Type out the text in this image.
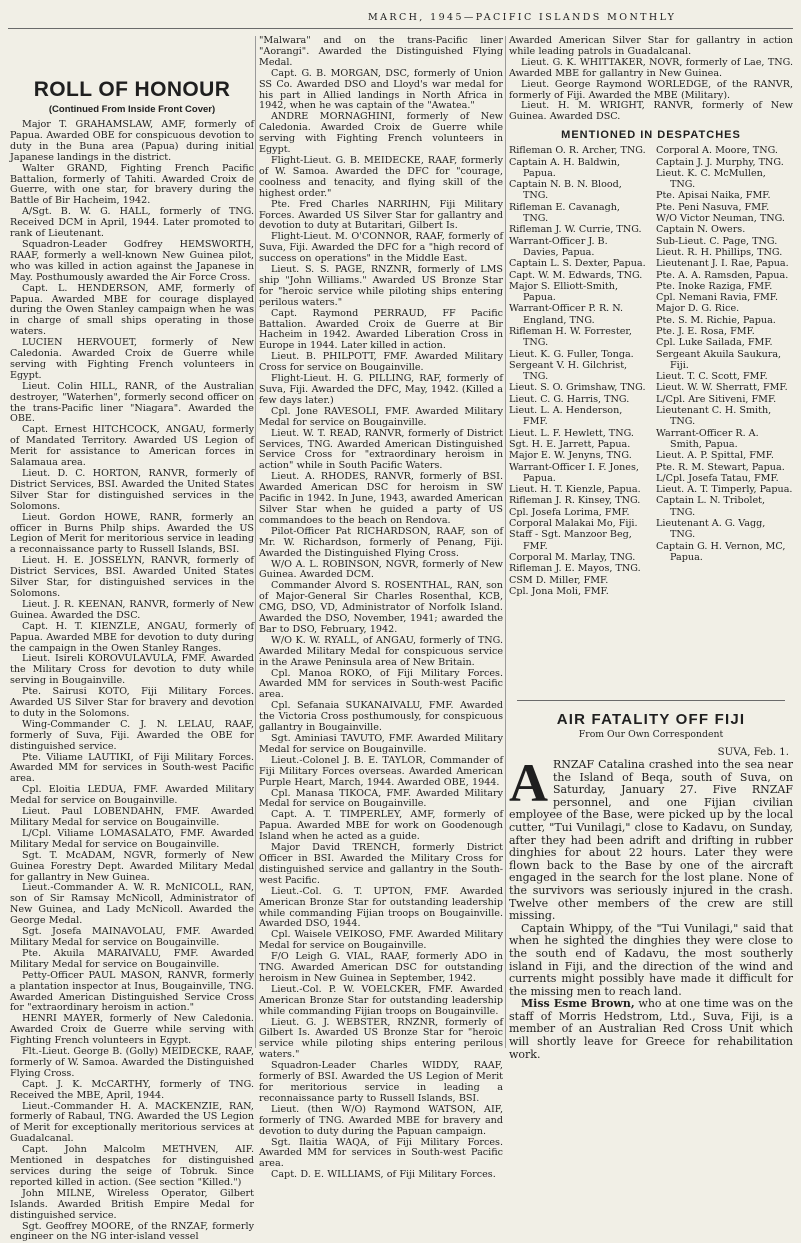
MARCH, 1945—PACIFIC ISLANDS MONTHLY
ROLL OF HONOUR
(Continued From Inside Front Cover)

Major T. GRAHAMSLAW, AMF, formerly of Papua. Awarded OBE for conspicuous devotion to duty in the Buna area (Papua) during initial Japanese landings in the district.

Walter GRAND, Fighting French Pacific Battalion, formerly of Tahiti. Awarded Croix de Guerre, with one star, for bravery during the Battle of Bir Hacheim, 1942.

A/Sgt. B. W. G. HALL, formerly of TNG. Received DCM in April, 1944. Later promoted to rank of Lieutenant.

Squadron-Leader Godfrey HEMSWORTH, RAAF, formerly a well-known New Guinea pilot, who was killed in action against the Japanese in May. Posthumously awarded the Air Force Cross.

Capt. L. HENDERSON, AMF, formerly of Papua. Awarded MBE for courage displayed during the Owen Stanley campaign when he was in charge of small ships operating in those waters.

LUCIEN HERVOUET, formerly of New Caledonia. Awarded Croix de Guerre while serving with Fighting French volunteers in Egypt.

Lieut. Colin HILL, RANR, of the Australian destroyer, "Waterhen", formerly second officer on the trans-Pacific liner "Niagara". Awarded the OBE.

Capt. Ernest HITCHCOCK, ANGAU, formerly of Mandated Territory. Awarded US Legion of Merit for assistance to American forces in Salamaua area.

Lieut. D. C. HORTON, RANVR, formerly of District Services, BSI. Awarded the United States Silver Star for distinguished services in the Solomons.

Lieut. Gordon HOWE, RANR, formerly an officer in Burns Philp ships. Awarded the US Legion of Merit for meritorious service in leading a reconnaissance party to Russell Islands, BSI.

Lieut. H. E. JOSSELYN, RANVR, formerly of District Services, BSI. Awarded United States Silver Star, for distinguished services in the Solomons.

Lieut. J. R. KEENAN, RANVR, formerly of New Guinea. Awarded the DSC.

Capt. H. T. KIENZLE, ANGAU, formerly of Papua. Awarded MBE for devotion to duty during the campaign in the Owen Stanley Ranges.

Lieut. Isireli KOROVULAVULA, FMF. Awarded the Military Cross for devotion to duty while serving in Bougainville.

Pte. Sairusi KOTO, Fiji Military Forces. Awarded US Silver Star for bravery and devotion to duty in the Solomons.

Wing-Commander C. J. N. LELAU, RAAF, formerly of Suva, Fiji. Awarded the OBE for distinguished service.

Pte. Viliame LAUTIKI, of Fiji Military Forces. Awarded MM for services in South-west Pacific area.

Cpl. Eloitia LEDUA, FMF. Awarded Military Medal for service on Bougainville.

Lieut. Paul LOBENDAHN, FMF. Awarded Military Medal for service on Bougainville.

L/Cpl. Viliame LOMASALATO, FMF. Awarded Military Medal for service on Bougainville.

Sgt. T. McADAM, NGVR, formerly of New Guinea Forestry Dept. Awarded Military Medal for gallantry in New Guinea.

Lieut.-Commander A. W. R. McNICOLL, RAN, son of Sir Ramsay McNicoll, Administrator of New Guinea, and Lady McNicoll. Awarded the George Medal.

Sgt. Josefa MAINAVOLAU, FMF. Awarded Military Medal for service on Bougainville.

Pte. Akuila MARAIVALU, FMF. Awarded Military Medal for service on Bougainville.

Petty-Officer PAUL MASON, RANVR, formerly a plantation inspector at Inus, Bougainville, TNG. Awarded American Distinguished Service Cross for "extraordinary heroism in action."

HENRI MAYER, formerly of New Caledonia. Awarded Croix de Guerre while serving with Fighting French volunteers in Egypt.

Flt.-Lieut. George B. (Golly) MEIDECKE, RAAF, formerly of W. Samoa. Awarded the Distinguished Flying Cross.

Capt. J. K. McCARTHY, formerly of TNG. Received the MBE, April, 1944.

Lieut.-Commander H. A. MACKENZIE, RAN, formerly of Rabaul, TNG. Awarded the US Legion of Merit for exceptionally meritorious services at Guadalcanal.

Capt. John Malcolm METHVEN, AIF. Mentioned in despatches for distinguished services during the seige of Tobruk. Since reported killed in action. (See section "Killed.")

John MILNE, Wireless Operator, Gilbert Islands. Awarded British Empire Medal for distinguished service.

Sgt. Geoffrey MOORE, of the RNZAF, formerly engineer on the NG inter-island vessel

"Malwara" and on the trans-Pacific liner "Aorangi". Awarded the Distinguished Flying Medal.

Capt. G. B. MORGAN, DSC, formerly of Union SS Co. Awarded DSO and Lloyd's war medal for his part in Allied landings in North Africa in 1942, when he was captain of the "Awatea."

ANDRE MORNAGHINI, formerly of New Caledonia. Awarded Croix de Guerre while serving with Fighting French volunteers in Egypt.

Flight-Lieut. G. B. MEIDECKE, RAAF, formerly of W. Samoa. Awarded the DFC for "courage, coolness and tenacity, and flying skill of the highest order."

Pte. Fred Charles NARRIHN, Fiji Military Forces. Awarded US Silver Star for gallantry and devotion to duty at Butaritari, Gilbert Is.

Flight-Lieut. M. O'CONNOR, RAAF, formerly of Suva, Fiji. Awarded the DFC for a "high record of success on operations" in the Middle East.

Lieut. S. S. PAGE, RNZNR, formerly of LMS ship "John Williams." Awarded US Bronze Star for "heroic service while piloting ships entering perilous waters."

Capt. Raymond PERRAUD, FF Pacific Battalion. Awarded Croix de Guerre at Bir Hacheim in 1942. Awarded Liberation Cross in Europe in 1944. Later killed in action.

Lieut. B. PHILPOTT, FMF. Awarded Military Cross for service on Bougainville.

Flight-Lieut. H. G. PILLING, RAF, formerly of Suva, Fiji. Awarded the DFC, May, 1942. (Killed a few days later.)

Cpl. Jone RAVESOLI, FMF. Awarded Military Medal for service on Bougainville.

Lieut. W. T. READ, RANVR, formerly of District Services, TNG. Awarded American Distinguished Service Cross for "extraordinary heroism in action" while in South Pacific Waters.

Lieut. A. RHODES, RANVR, formerly of BSI. Awarded American DSC for heroism in SW Pacific in 1942. In June, 1943, awarded American Silver Star when he guided a party of US commandoes to the beach on Rendova.

Pilot-Officer Pat RICHARDSON, RAAF, son of Mr. W. Richardson, formerly of Penang, Fiji. Awarded the Distinguished Flying Cross.

W/O A. L. ROBINSON, NGVR, formerly of New Guinea. Awarded DCM.

Commander Alvord S. ROSENTHAL, RAN, son of Major-General Sir Charles Rosenthal, KCB, CMG, DSO, VD, Administrator of Norfolk Island. Awarded the DSO, November, 1941; awarded the Bar to DSO, February, 1942.

W/O K. W. RYALL, of ANGAU, formerly of TNG. Awarded Military Medal for conspicuous service in the Arawe Peninsula area of New Britain.

Cpl. Manoa ROKO, of Fiji Military Forces. Awarded MM for services in South-west Pacific area.

Cpl. Sefanaia SUKANAIVALU, FMF. Awarded the Victoria Cross posthumously, for conspicuous gallantry in Bougainville.

Sgt. Aminiasi TAVUTO, FMF. Awarded Military Medal for service on Bougainville.

Lieut.-Colonel J. B. E. TAYLOR, Commander of Fiji Military Forces overseas. Awarded American Purple Heart, March, 1944. Awarded OBE, 1944.

Cpl. Manasa TIKOCA, FMF. Awarded Military Medal for service on Bougainville.

Capt. A. T. TIMPERLEY, AMF, formerly of Papua. Awarded MBE for work on Goodenough Island when he acted as a guide.

Major David TRENCH, formerly District Officer in BSI. Awarded the Military Cross for distinguished service and gallantry in the South-west Pacific.

Lieut.-Col. G. T. UPTON, FMF. Awarded American Bronze Star for outstanding leadership while commanding Fijian troops on Bougainville. Awarded DSO, 1944.

Cpl. Waisele VEIKOSO, FMF. Awarded Military Medal for service on Bougainville.

F/O Leigh G. VIAL, RAAF, formerly ADO in TNG. Awarded American DSC for outstanding heroism in New Guinea in September, 1942.

Lieut.-Col. P. W. VOELCKER, FMF. Awarded American Bronze Star for outstanding leadership while commanding Fijian troops on Bougainville.

Lieut. G. J. WEBSTER, RNZNR, formerly of Gilbert Is. Awarded US Bronze Star for "heroic service while piloting ships entering perilous waters."

Squadron-Leader Charles WIDDY, RAAF, formerly of BSI. Awarded the US Legion of Merit for meritorious service in leading a reconnaissance party to Russell Islands, BSI.

Lieut. (then W/O) Raymond WATSON, AIF, formerly of TNG. Awarded MBE for bravery and devotion to duty during the Papuan campaign.

Sgt. Ilaitia WAQA, of Fiji Military Forces. Awarded MM for services in South-west Pacific area.

Capt. D. E. WILLIAMS, of Fiji Military Forces.

Awarded American Silver Star for gallantry in action while leading patrols in Guadalcanal.

Lieut. G. K. WHITTAKER, NOVR, formerly of Lae, TNG. Awarded MBE for gallantry in New Guinea.

Lieut. George Raymond WORLEDGE, of the RANVR, formerly of Fiji. Awarded the MBE (Military).

Lieut. H. M. WRIGHT, RANVR, formerly of New Guinea. Awarded DSC.

MENTIONED IN DESPATCHES

Rifleman O. R. Archer, TNG.

Captain A. H. Baldwin, Papua.

Captain N. B. N. Blood, TNG.

Rifleman E. Cavanagh, TNG.

Rifleman J. W. Currie, TNG.

Warrant-Officer J. B. Davies, Papua.

Captain L. S. Dexter, Papua.

Capt. W. M. Edwards, TNG.

Major S. Elliott-Smith, Papua.

Warrant-Officer P. R. N. England, TNG.

Rifleman H. W. Forrester, TNG.

Lieut. K. G. Fuller, Tonga.

Sergeant V. H. Gilchrist, TNG.

Lieut. S. O. Grimshaw, TNG.

Lieut. C. G. Harris, TNG.

Lieut. L. A. Henderson, FMF.

Lieut. L. F. Hewlett, TNG.

Sgt. H. E. Jarrett, Papua.

Major E. W. Jenyns, TNG.

Warrant-Officer I. F. Jones, Papua.

Lieut. H. T. Kienzle, Papua.

Rifleman J. R. Kinsey, TNG.

Cpl. Josefa Lorima, FMF.

Corporal Malakai Mo, Fiji.

Staff - Sgt. Manzoor Beg, FMF.

Corporal M. Marlay, TNG.

Rifleman J. E. Mayos, TNG.

CSM D. Miller, FMF.

Cpl. Jona Moli, FMF.

Corporal A. Moore, TNG.

Captain J. J. Murphy, TNG.

Lieut. K. C. McMullen, TNG.

Pte. Apisai Naika, FMF.

Pte. Peni Nasuva, FMF.

W/O Victor Neuman, TNG.

Captain N. Owers.

Sub-Lieut. C. Page, TNG.

Lieut. R. H. Phillips, TNG.

Lieutenant J. I. Rae, Papua.

Pte. A. A. Ramsden, Papua.

Pte. Inoke Raziga, FMF.

Cpl. Nemani Ravia, FMF.

Major D. G. Rice.

Pte. S. M. Richie, Papua.

Pte. J. E. Rosa, FMF.

Cpl. Luke Sailada, FMF.

Sergeant Akuila Saukura, Fiji.

Lieut. T. C. Scott, FMF.

Lieut. W. W. Sherratt, FMF.

L/Cpl. Are Sitiveni, FMF.

Lieutenant C. H. Smith, TNG.

Warrant-Officer R. A. Smith, Papua.

Lieut. A. P. Spittal, FMF.

Pte. R. M. Stewart, Papua.

L/Cpl. Josefa Tatau, FMF.

Lieut. A. T. Timperly, Papua.

Captain L. N. Tribolet, TNG.

Lieutenant A. G. Vagg, TNG.

Captain G. H. Vernon, MC, Papua.

AIR FATALITY OFF FIJI
From Our Own Correspondent
SUVA, Feb. 1.

ARNZAF Catalina crashed into the sea near the Island of Beqa, south of Suva, on Saturday, January 27. Five RNZAF personnel, and one Fijian civilian employee of the Base, were picked up by the local cutter, "Tui Vunilagi," close to Kadavu, on Sunday, after they had been adrift and drifting in rubber dinghies for about 22 hours. Later they were flown back to the Base by one of the aircraft engaged in the search for the lost plane. None of the survivors was seriously injured in the crash. Twelve other members of the crew are still missing.

Captain Whippy, of the "Tui Vunilagi," said that when he sighted the dinghies they were close to the south end of Kadavu, the most southerly island in Fiji, and the direction of the wind and currents might possibly have made it difficult for the missing men to reach land.

Miss Esme Brown, who at one time was on the staff of Morris Hedstrom, Ltd., Suva, Fiji, is a member of an Australian Red Cross Unit which will shortly leave for Greece for rehabilitation work.
